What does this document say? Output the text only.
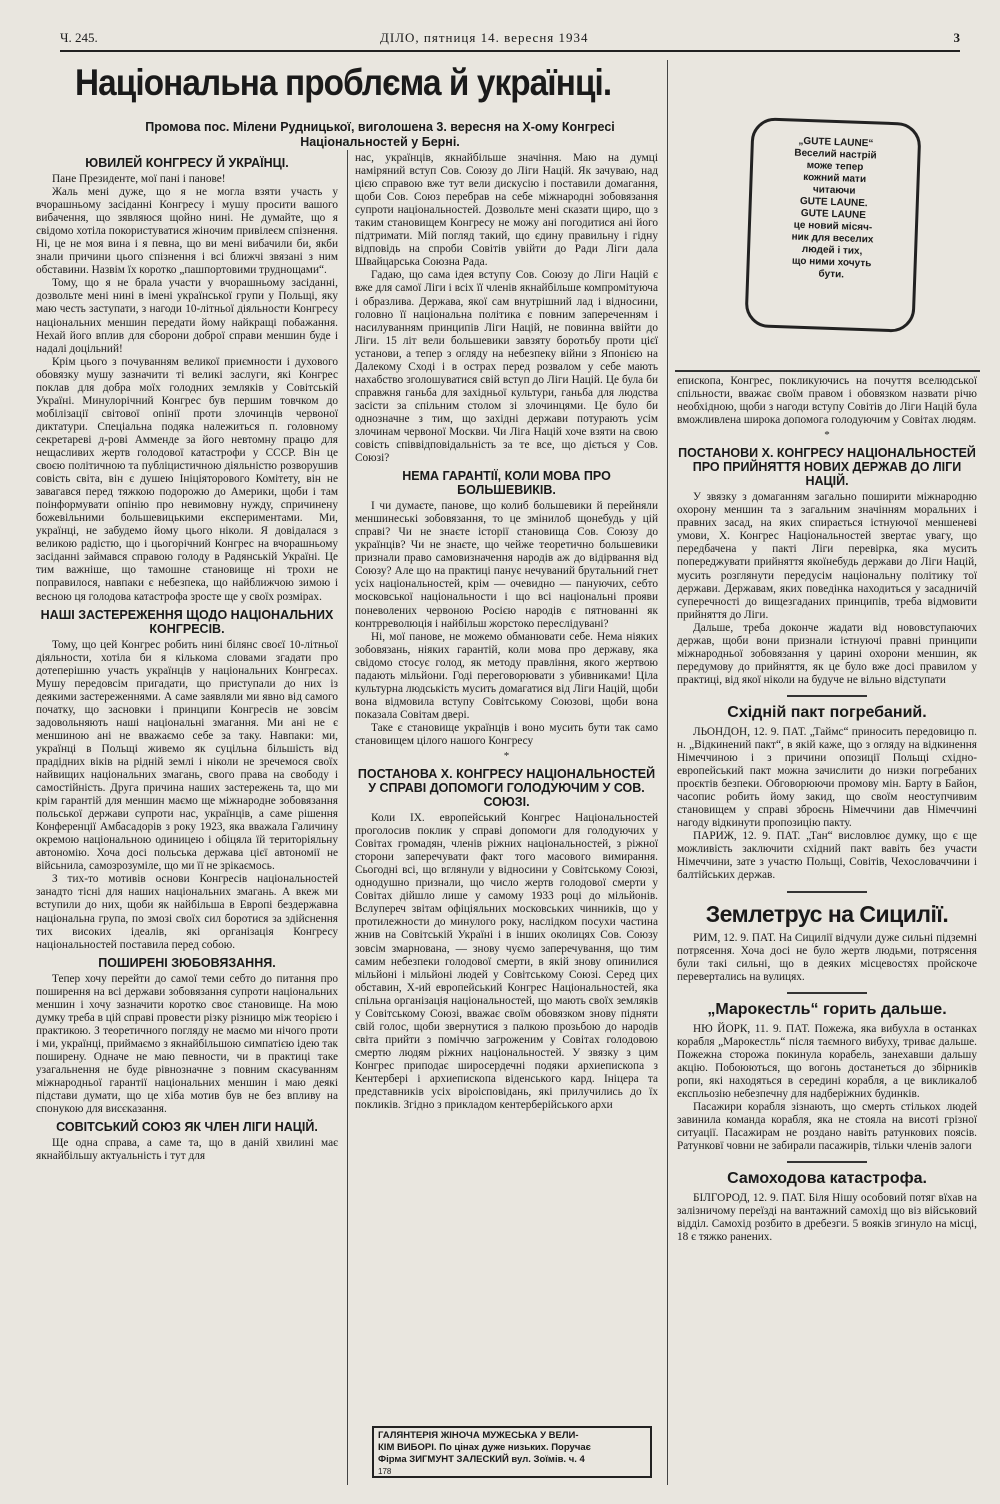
Ч. 245.	ДІЛО, пятниця 14. вересня 1934	3
Національна проблєма й українці.
Промова пос. Мілени Рудницької, виголошена 3. вересня на Х-ому Конгресі Національностей у Берні.
ЮВИЛЕЙ КОНГРЕСУ Й УКРАЇНЦІ.

Пане Президенте, мої пані і панове!

Жаль мені дуже, що я не могла взяти участь у вчорашньому засіданні Конгресу і мушу просити вашого вибачення, що зявляюся щойно нині. Не думайте, що я свідомо хотіла покористуватися жіночим привілеєм спізнення. Ні, це не моя вина і я певна, що ви мені вибачили би, якби знали причини цього спізнення і всі ближчі звязані з ним обставини. Назвім їх коротко „пашпортовими труднощами“.

Тому, що я не брала участи у вчорашньому засіданні, дозвольте мені нині в імені української групи у Польщі, яку маю честь заступати, з нагоди 10-літньої діяльности Конгресу національних меншин передати йому найкращі побажання. Нехай його вплив для сборони доброї справи меншин буде і надалі доцільний!

Крім цього з почуванням великої приємности і духового обовязку мушу зазначити ті великі заслуги, які Конгрес поклав для добра моїх голодних земляків у Совітській Україні. Минулорічний Конгрес був першим товчком до мобілізації світової опінії проти злочинців червоної диктатури. Спеціальна подяка належиться п. головному секретареві д-рові Амменде за його невтомну працю для нещасливих жертв голодової катастрофи у СССР. Він це своєю політичною та публіцистичною діяльністю розворушив совість світа, він є душею Ініціяторового Комітету, він не завагався перед тяжкою подорожю до Америки, щоби і там поінформувати опінію про невимовну нужду, спричинену божевільними большевицькими експериментами. Ми, українці, не забудемо йому цього ніколи. Я довідалася з великою радістю, що і цьогорічний Конгрес на вчорашньому засіданні займався справою голоду в Радянській Україні. Це тим важніше, що тамошне становище ні трохи не поправилося, навпаки є небезпека, що найближчою зимою і весною ця голодова катастрофа зросте ще у своїх розмірах.

НАШІ ЗАСТЕРЕЖЕННЯ ЩОДО НАЦІОНАЛЬНИХ КОНГРЕСІВ.

Тому, що цей Конгрес робить нині білянс своєї 10-літньої діяльности, хотіла би я кількома словами згадати про дотеперішню участь українців у національних Конгресах. Мушу передовсім пригадати, що приступали до них із деякими застереженнями. А саме заявляли ми явно від самого початку, що засновки і принципи Конгресів не зовсім задовольняють наші національні змагання. Ми ані не є меншиною ані не вважаємо себе за таку. Навпаки: ми, українці в Польщі живемо як суцільна більшість від прадідних віків на рідній землі і ніколи не зречемося своїх найвищих національних змагань, свого права на свободу і самостійність. Друга причина наших застережень та, що ми крім гарантій для меншин маємо ще міжнародне зобовязання польської держави супроти нас, українців, а саме рішення Конференції Амбасадорів з року 1923, яка вважала Галичину окремою національною одиницею і обіцяла їй територіяльну автономію. Хоча досі польська держава цієї автономії не війсьнила, самозрозуміле, що ми її не зрікаємось.

З тих-то мотивів основи Конгресів національностей занадто тісні для наших національних змагань. А вкеж ми вступили до них, щоби як найбільша в Европі бездержавна національна група, по змозі своїх сил боротися за здійснення тих високих ідеалів, які організація Конгресу національностей поставила перед собою.

ПОШИРЕНІ ЗЮБОВЯЗАННЯ.

Тепер хочу перейти до самої теми себто до питання про поширення на всі держави зобовязання супроти національних меншин і хочу зазначити коротко своє становище. На мою думку треба в цій справі провести різку різницю між теорією і практикою. З теоретичного погляду не маємо ми нічого проти і ми, українці, приймаємо з якнайбільшою симпатією ідею так поширену. Одначе не маю певности, чи в практиці таке узагальнення не буде рівнозначне з повним скасуванням міжнародньої гарантії національних меншин і маю деякі підстави думати, що це хіба мотив був не без впливу на спонукою для висєказання.

СОВІТСЬКИЙ СОЮЗ ЯК ЧЛЕН ЛІГИ НАЦІЙ.

Ще одна справа, а саме та, що в даній хвилині має якнайбільшу актуальність і тут для

нас, українців, якнайбільше значіння. Маю на думці наміряний вступ Сов. Союзу до Ліги Націй. Як зачуваю, над цією справою вже тут вели дискусію і поставили домагання, щоби Сов. Союз перебрав на себе міжнародні зобовязання супроти національностей. Дозвольте мені сказати щиро, що з таким становищем Конгресу не можу ані погодитися ані його підтримати. Мій погляд такий, що єдину правильну і гідну відповідь на спроби Совітів увійти до Ради Ліги дала Швайцарська Союзна Рада.

Гадаю, що сама ідея вступу Сов. Союзу до Ліги Націй є вже для самої Ліги і всіх її членів якнайбільше компромітуюча і образлива. Держава, якої сам внутрішний лад і відносини, головно її національна політика є повним запереченням і насилуванням принципів Ліги Націй, не повинна ввійти до Ліги. 15 літ вели большевики завзяту боротьбу проти цієї установи, а тепер з огляду на небезпеку війни з Японією на Далекому Сході і в острах перед розвалом у себе мають нахабство зголошуватися свій вступ до Ліги Націй. Це була би справжня ганьба для західньої культури, ганьба для людства засісти за спільним столом зі злочинцями. Це було би однозначне з тим, що західні держави потурають усім злочинам червоної Москви. Чи Ліга Націй хоче взяти на свою совість співвідповідальність за те все, що діється у Сов. Союзі?

НЕМА ГАРАНТІЇ, КОЛИ МОВА ПРО БОЛЬШЕВИКІВ.

І чи думаєте, панове, що колиб большевики й перейняли меншинеські зобовязання, то це змінилоб щонебудь у цій справі? Чи не знаєте історії становища Сов. Союзу до українців? Чи не знаєте, що чейже теоретично большевики признали право самовизначення народів аж до відірвання від Союзу? Але що на практиці панує нечуваний брутальний гнет усіх національностей, крім — очевидно — пануючих, себто московської національности і що всі національні прояви поневолених червоною Росією народів є пятнованні як контрреволюція і найбільш жорстоко переслідувані?

Ні, мої панове, не можемо обманювати себе. Нема ніяких зобовязань, ніяких гарантій, коли мова про державу, яка свідомо стосує голод, як методу правління, якого жертвою падають мільйони. Годі переговорювати з убивниками! Ціла культурна людськість мусить домагатися від Ліги Націй, щоби вона відмовила вступу Совітському Союзові, щоби вона показала Совітам двері.

Таке є становище українців і воно мусить бути так само становищем цілого нашого Конгресу

*
ПОСТАНОВА X. КОНГРЕСУ НАЦІОНАЛЬНОСТЕЙ У СПРАВІ ДОПОМОГИ ГОЛОДУЮЧИМ У СОВ. СОЮЗІ.

Коли IX. европейський Конгрес Національностей проголосив поклик у справі допомоги для голодуючих у Совітах громадян, членів ріжних національностей, з ріжної сторони заперечувати факт того масового вимирання. Сьогодні всі, що вглянули у відносини у Совітському Союзі, однодушно признали, що число жертв голодової смерти у Совітах дійшло лише у самому 1933 році до мільйонів. Вслупереч звітам офіціяльних московських чинників, що у протилежности до минулого року, наслідком посухи частина жнив на Совітській Україні і в інших околицях Сов. Союзу зовсім змарнована, — знову чуємо заперечування, що тим самим небезпеки голодової смерти, в якій знову опинилися мільйоні і мільйоні людей у Совітському Союзі. Серед цих обставин, Х-ий европейський Конгрес Національностей, яка спільна організація національностей, що мають своїх земляків у Совітському Союзі, вважає своїм обовязком знову підняти свій голос, щоби звернутися з палкою прозьбою до народів світа прийти з поміччю загроженим у Совітах голодовою смертю людям ріжних національностей. У звязку з цим Конгрес приподає широсердечні подяки архиепископа з Кентербері і архиепископа віденського кард. Ініцера та представників усіх віроісповідань, які прилучились до їх покликів. Згідно з прикладом кентерберійського архи

ГАЛЯНТЕРІЯ ЖІНОЧА МУЖЕСЬКА У ВЕЛИ-
КІМ ВИБОРІ. По цінах дуже низьких. Поручає
Фірма ЗИГМУНТ ЗАЛЕСКИЙ вул. Зоїмів. ч. 4
178
„GUTE LAUNE“
Веселий настрій
може тепер
кожний мати
читаючи
GUTE LAUNE.
GUTE LAUNE
це новий місяч-
ник для веселих
людей і тих,
що ними хочуть
бути.

епископа, Конгрес, покликуючись на почуття вселюдської спільности, вважає своїм правом і обовязком назвати річю необхідною, щоби з нагоди вступу Совітів до Ліги Націй була вможливлена широка допомога голодуючим у Совітах людям.

*
ПОСТАНОВИ X. КОНГРЕСУ НАЦІОНАЛЬНОСТЕЙ ПРО ПРИЙНЯТТЯ НОВИХ ДЕРЖАВ ДО ЛІГИ НАЦІЙ.

У звязку з домаганням загально поширити міжнародню охорону меншин та з загальним значінням моральних і правних засад, на яких спирається істнуючої меншеневі умови, Х. Конгрес Національностей звертає увагу, що передбачена у пакті Ліги перевірка, яка мусить попереджувати прийняття якоїнебудь держави до Ліги Націй, мусить розглянути передусім національну політику тої держави. Державам, яких поведінка находиться у засадничій суперечності до вищезгаданих принципів, треба відмовити прийняття до Ліги.

Дальше, треба доконче жадати від нововступаючих держав, щоби вони признали істнуючі правні принципи міжнародньої зобовязання у царині охорони меншин, як передумову до прийняття, як це було вже досі правилом у практиці, від якої ніколи на будуче не вільно відступати

Східній пакт погребаний.

ЛЬОНДОН, 12. 9. ПАТ. „Таймс“ приносить передовицю п. н. „Відкинений пакт“, в якій каже, що з огляду на відкинення Німеччиною і з причини опозиції Польщі східно-европейський пакт можна зачислити до низки погребаних проєктів безпеки. Обговорюючи промову мін. Барту в Байон, часопис робить йому закид, що своїм неоступчивим становищем у справі зброєнь Німеччини дав Німеччині нагоду відкинути пропозицію пакту.

ПАРИЖ, 12. 9. ПАТ. „Тан“ висловлює думку, що є ще можливість заключити східний пакт вавіть без участи Німеччини, зате з участю Польщі, Совітів, Чехословаччини і балтійських держав.

Землетрус на Сицилії.

РИМ, 12. 9. ПАТ. На Сицилії відчули дуже сильні підземні потрясення. Хоча досі не було жертв людьми, потрясення були такі сильні, що в деяких місцевостях пройскоче перевертались на вулицях.

„Марокестль“ горить дальше.

НЮ ЙОРК, 11. 9. ПАТ. Пожежа, яка вибухла в останках корабля „Марокестль“ після таємного вибуху, триває дальше. Пожежна сторожа покинула корабель, занехавши дальшу акцію. Побоюються, що вогонь достанеться до збірників ропи, які находяться в середині корабля, а це викликалоб експльозію небезпечну для надберіжних будинків.

Пасажири корабля зізнають, що смерть стількох людей завинила команда корабля, яка не стояла на висоті грізної ситуації. Пасажирам не роздано навіть ратункових поясів. Ратунковї човни не забирали пасажирів, тільки членів залоги

Самоходова катастрофа.

БІЛГОРОД, 12. 9. ПАТ. Біля Нішу особовий потяг вїхав на залізничому переїзді на вантажний самохід що віз військовий відділ. Самохід розбито в дребезги. 5 вояків згинуло на місці, 18 є тяжко ранених.
